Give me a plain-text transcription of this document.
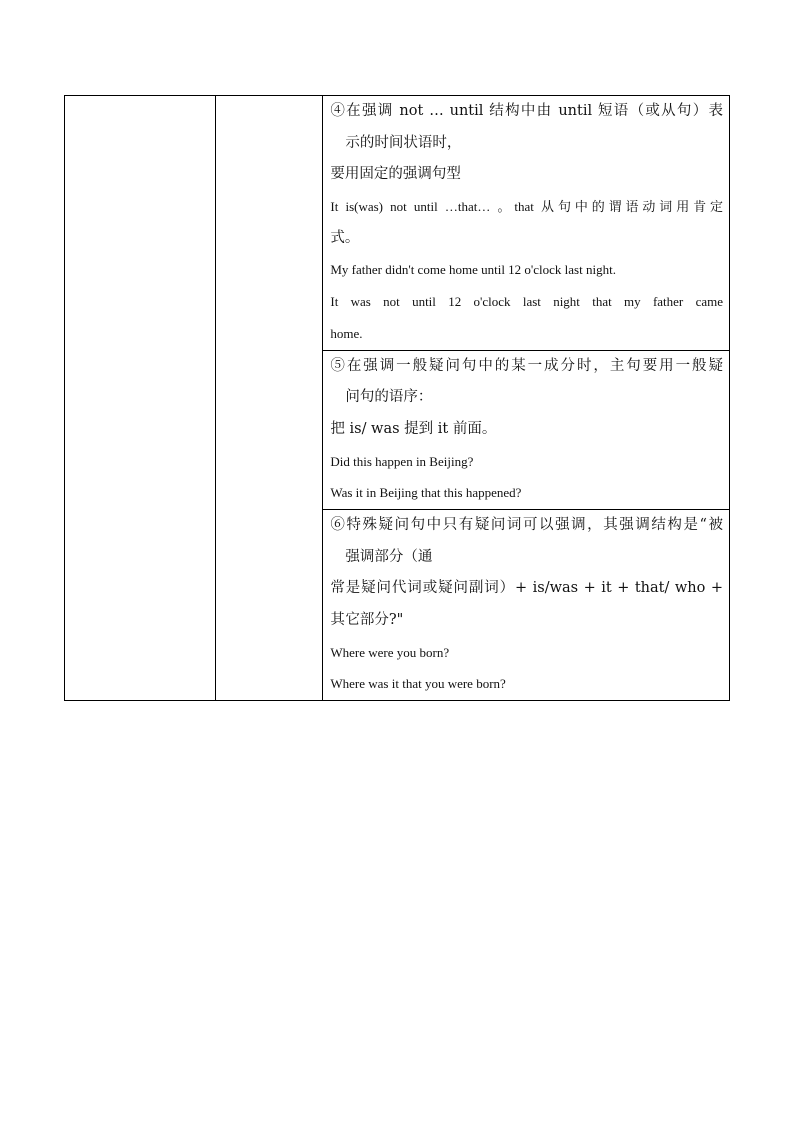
④在强调 not … until 结构中由 until 短语（或从句）表
示的时间状语时，
要用固定的强调句型
It is(was) not until …that… 。that 从句中的谓语动词用肯定
式。
My father didn't come home until 12 o'clock last night.
It was not until 12 o'clock last night that my father came
home.

⑤在强调一般疑问句中的某一成分时，主句要用一般疑
问句的语序：
把 is/ was 提到 it 前面。
Did this happen in Beijing?
Was it in Beijing that this happened?

⑥特殊疑问句中只有疑问词可以强调，其强调结构是“被
强调部分（通
常是疑问代词或疑问副词）+ is/was + it + that/ who + 其 它部分?"
Where were you born?
Where was it that you were born?
